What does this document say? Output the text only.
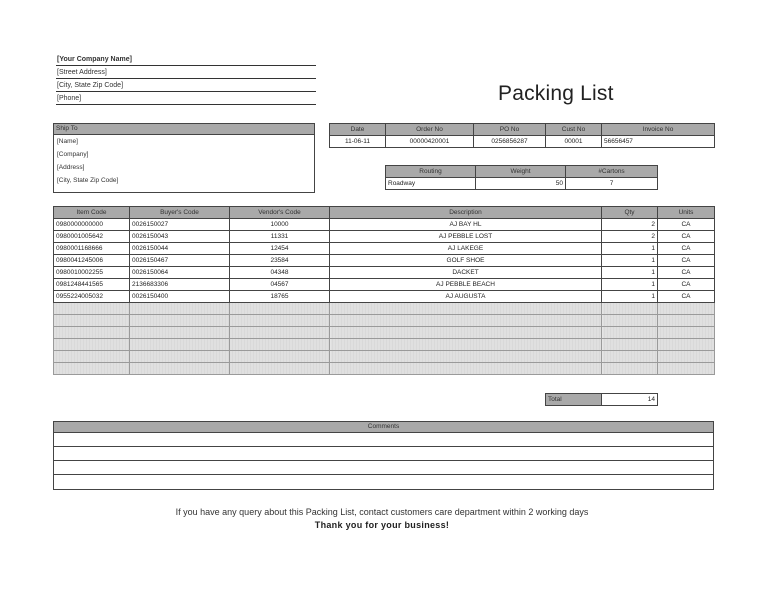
[Your Company Name]
[Street Address]
[City, State Zip Code]
[Phone]	Packing List
Ship To
[Name]
[Company]
[Address]
[City, State Zip Code]
Date	Order No	PO No	Cust No	Invoice No
11-06-11	00000420001	0256856287	00001	56656457
Routing	Weight	#Cartons
Roadway	50	7
Item Code	Buyer's Code	Vendor's Code	Description	Qty	Units
0980000000000	0026150027	10000	AJ BAY HL	2	CA
0980001005642	0026150043	11331	AJ PEBBLE LOST	2	CA
0980001168666	0026150044	12454	AJ LAKEGE	1	CA
0980041245006	0026150467	23584	GOLF SHOE	1	CA
0980010002255	0026150064	04348	DACKET	1	CA
0981248441565	2136683306	04567	AJ PEBBLE BEACH	1	CA
0955224005032	0026150400	18765	AJ AUGUSTA	1	CA

Total	14
Comments
If you have any query about this Packing List, contact customers care department within 2 working days
Thank you for your business!
